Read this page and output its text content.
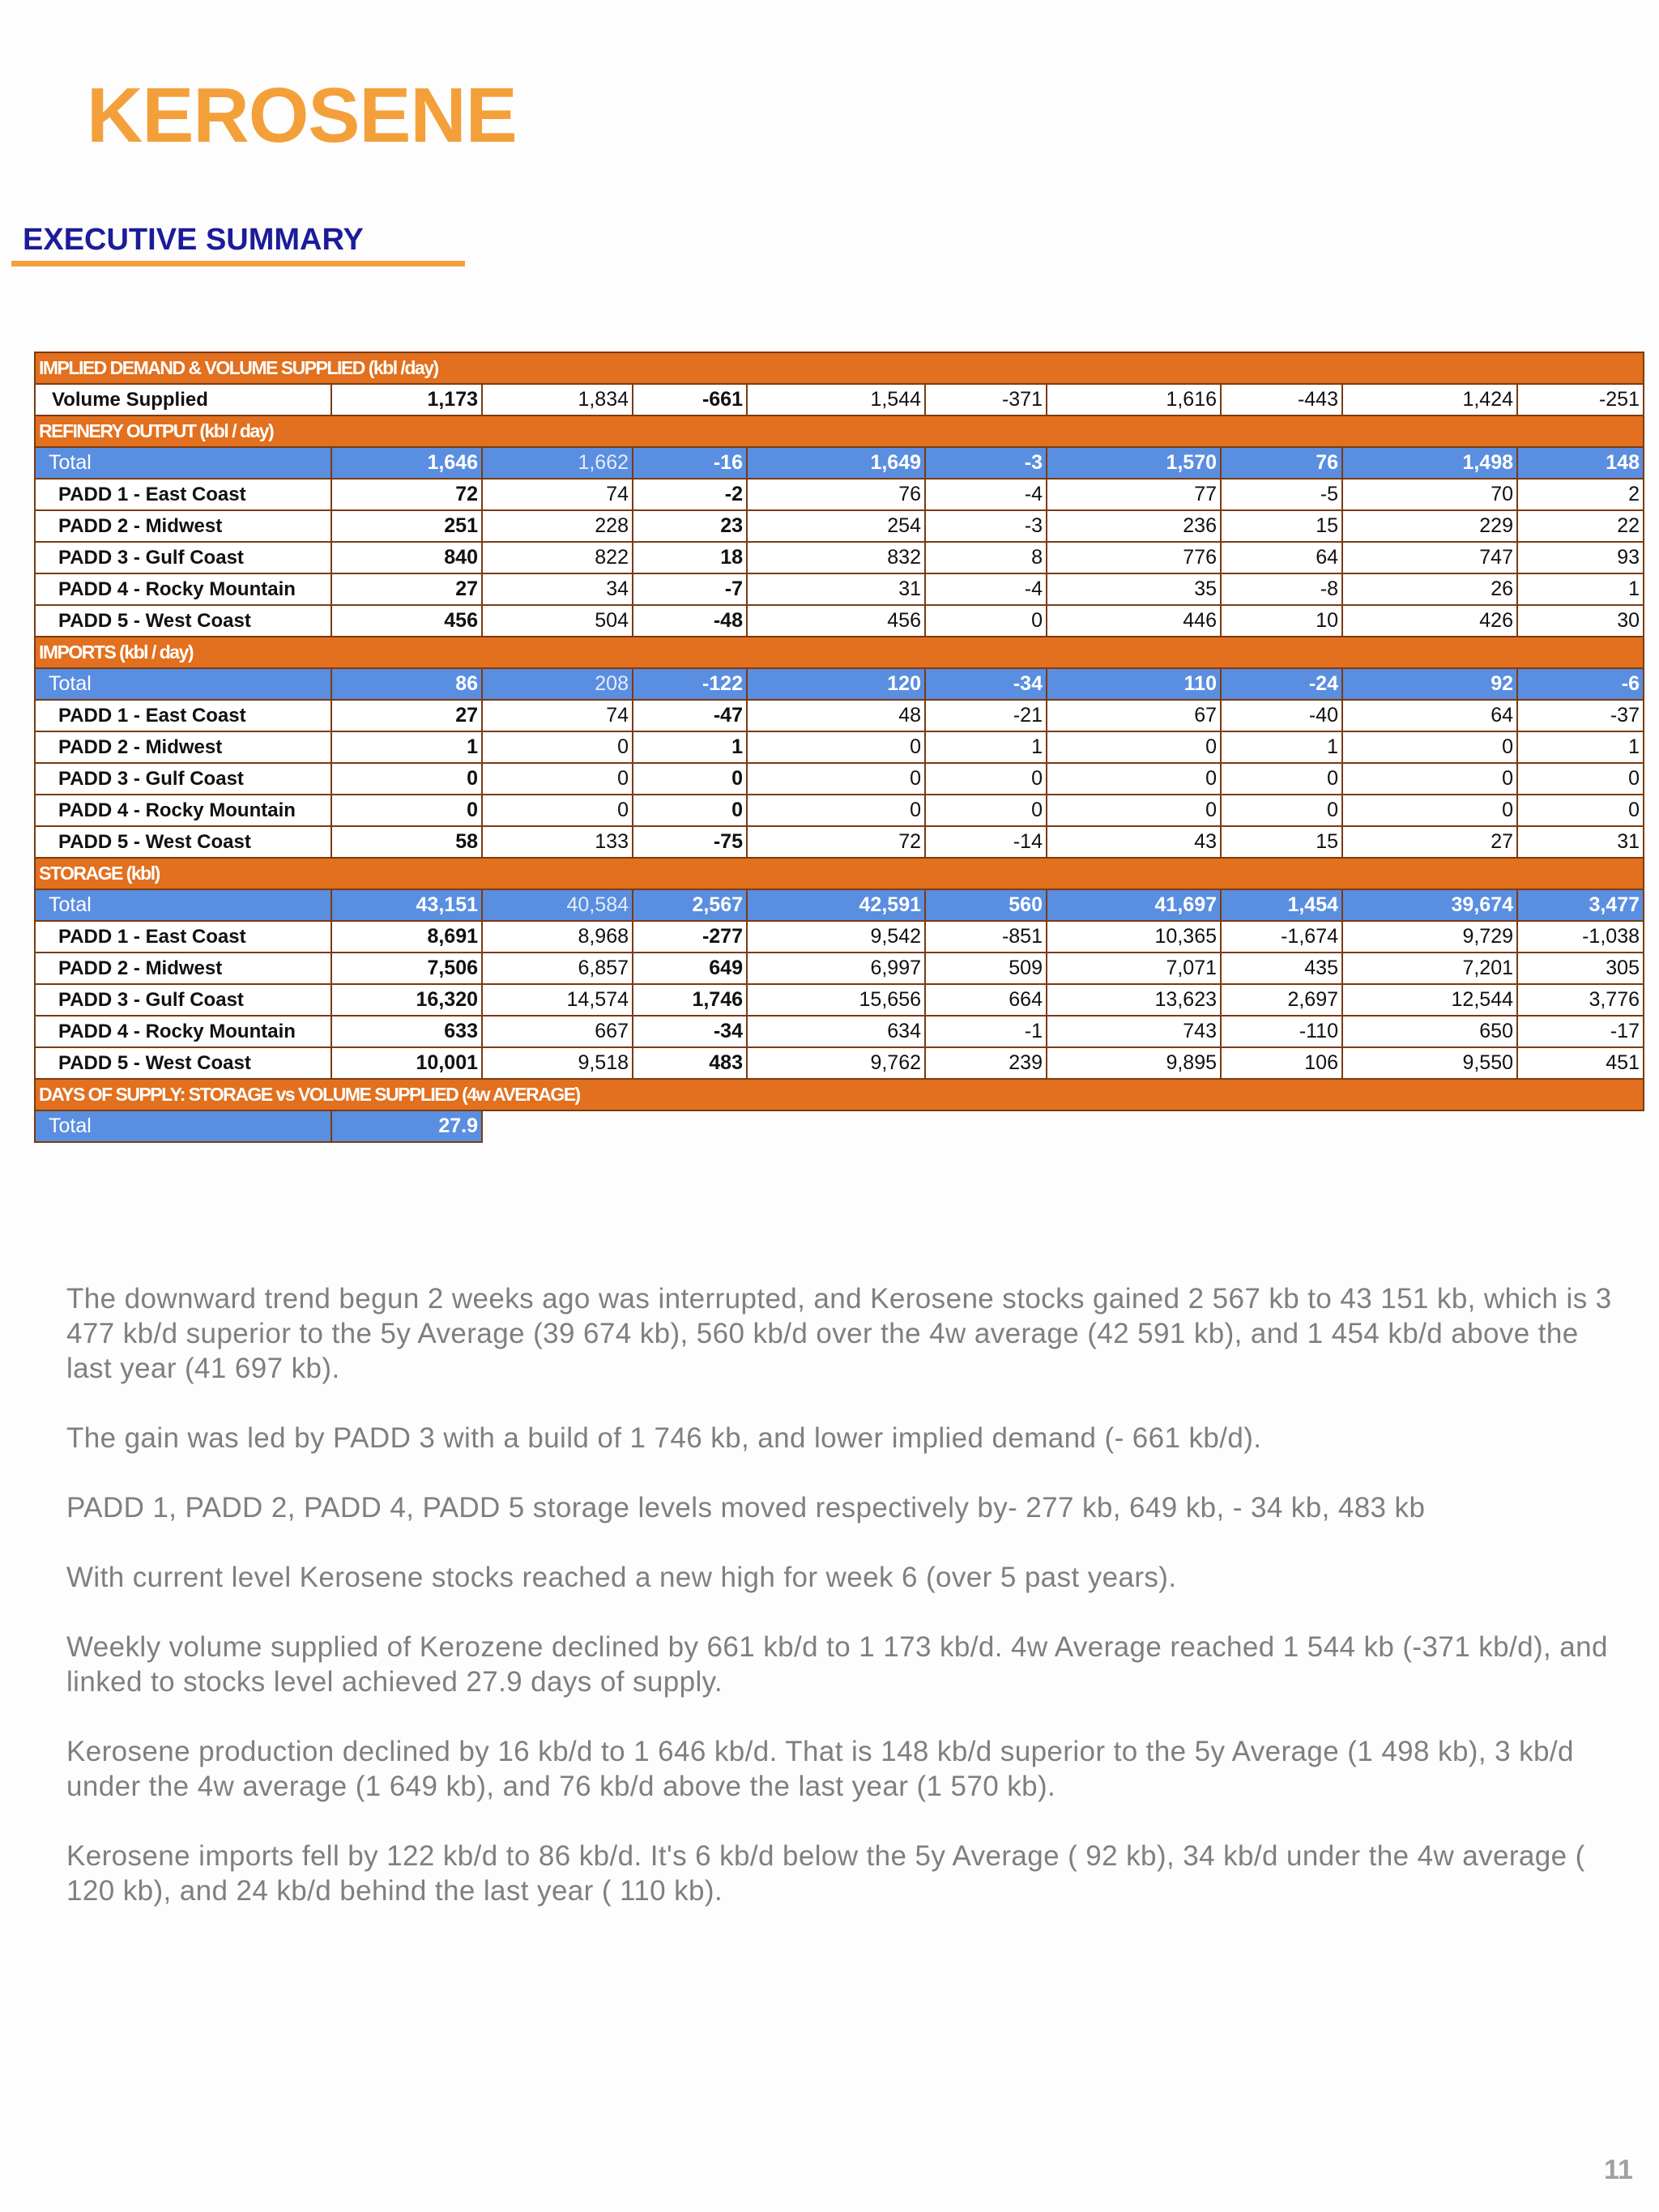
KEROSENE
EXECUTIVE SUMMARY
IMPLIED DEMAND & VOLUME SUPPLIED (kbl /day)									
Volume Supplied	1,173	1,834	-661	1,544	-371	1,616	-443	1,424	-251
REFINERY OUTPUT (kbl / day)									
Total	1,646	1,662	-16	1,649	-3	1,570	76	1,498	148
PADD 1 - East Coast	72	74	-2	76	-4	77	-5	70	2
PADD 2 - Midwest	251	228	23	254	-3	236	15	229	22
PADD 3 - Gulf Coast	840	822	18	832	8	776	64	747	93
PADD 4 - Rocky Mountain	27	34	-7	31	-4	35	-8	26	1
PADD 5 - West Coast	456	504	-48	456	0	446	10	426	30
IMPORTS (kbl / day)									
Total	86	208	-122	120	-34	110	-24	92	-6
PADD 1 - East Coast	27	74	-47	48	-21	67	-40	64	-37
PADD 2 - Midwest	1	0	1	0	1	0	1	0	1
PADD 3 - Gulf Coast	0	0	0	0	0	0	0	0	0
PADD 4 - Rocky Mountain	0	0	0	0	0	0	0	0	0
PADD 5 - West Coast	58	133	-75	72	-14	43	15	27	31
STORAGE (kbl)									
Total	43,151	40,584	2,567	42,591	560	41,697	1,454	39,674	3,477
PADD 1 - East Coast	8,691	8,968	-277	9,542	-851	10,365	-1,674	9,729	-1,038
PADD 2 - Midwest	7,506	6,857	649	6,997	509	7,071	435	7,201	305
PADD 3 - Gulf Coast	16,320	14,574	1,746	15,656	664	13,623	2,697	12,544	3,776
PADD 4 - Rocky Mountain	633	667	-34	634	-1	743	-110	650	-17
PADD 5 - West Coast	10,001	9,518	483	9,762	239	9,895	106	9,550	451
DAYS OF SUPPLY: STORAGE vs VOLUME SUPPLIED (4w AVERAGE)									
Total	27.9								

The downward trend begun 2 weeks ago was interrupted, and Kerosene stocks gained 2 567 kb to 43 151 kb, which is 3 477 kb/d superior to the 5y Average (39 674 kb), 560 kb/d over the 4w average (42 591 kb), and 1 454 kb/d above the last year (41 697 kb).

The gain was led by PADD 3 with a build of 1 746 kb, and lower implied demand (- 661 kb/d).

PADD 1, PADD 2, PADD 4, PADD 5 storage levels moved respectively by- 277 kb, 649 kb, - 34 kb, 483 kb

With current level Kerosene stocks reached a new high for week 6 (over 5 past years).

Weekly volume supplied of Kerozene declined by 661 kb/d to 1 173 kb/d. 4w Average reached 1 544 kb (-371 kb/d), and linked to stocks level achieved 27.9 days of supply.

Kerosene production declined by 16 kb/d to 1 646 kb/d. That is 148 kb/d superior to the 5y Average (1 498 kb), 3 kb/d under the 4w average (1 649 kb), and 76 kb/d above the last year (1 570 kb).

Kerosene imports fell by 122 kb/d to 86 kb/d. It's 6 kb/d below the 5y Average ( 92 kb), 34 kb/d under the 4w average ( 120 kb), and 24 kb/d behind the last year ( 110 kb).

11
